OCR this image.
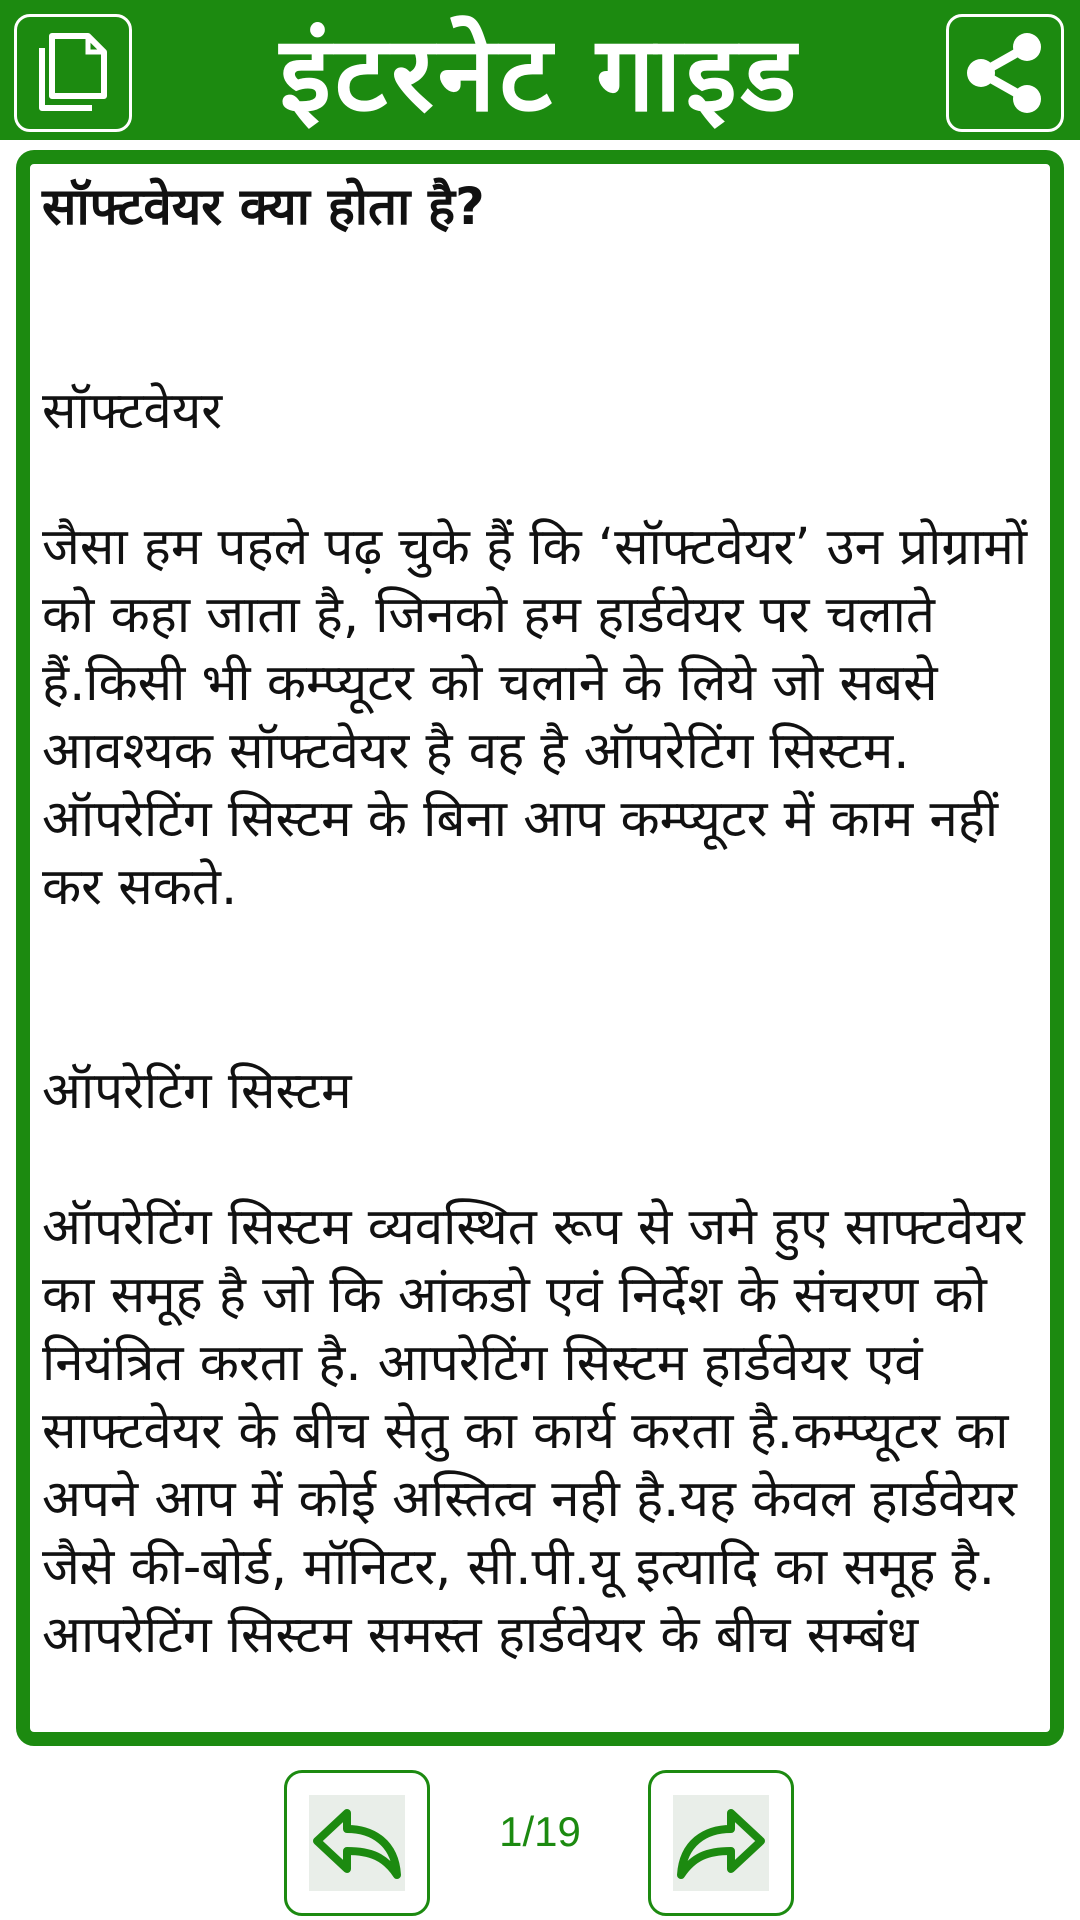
इंटरनेट गाइड
सॉफ्टवेयर क्या होता है?

सॉफ्टवेयर

जैसा हम पहले पढ़ चुके हैं कि ‘सॉफ्टवेयर’ उन प्रोग्रामों को कहा जाता है, जिनको हम हार्डवेयर पर चलाते हैं.किसी भी कम्प्यूटर को चलाने के लिये जो सबसे आवश्यक सॉफ्टवेयर है वह है ऑपरेटिंग सिस्टम. ऑपरेटिंग सिस्टम के बिना आप कम्प्यूटर में काम नहीं कर सकते.

ऑपरेटिंग सिस्टम

ऑपरेटिंग सिस्टम व्यवस्थित रूप से जमे हुए साफ्टवेयर का समूह है जो कि आंकडो एवं निर्देश के संचरण को नियंत्रित करता है. आपरेटिंग सिस्टम हार्डवेयर एवं साफ्टवेयर के बीच सेतु का कार्य करता है.कम्प्यूटर का अपने आप में कोई अस्तित्व नही है.यह केवल हार्डवेयर जैसे की-बोर्ड, मॉनिटर, सी.पी.यू इत्यादि का समूह है. आपरेटिंग सिस्टम समस्त हार्डवेयर के बीच सम्बंध
1/19
